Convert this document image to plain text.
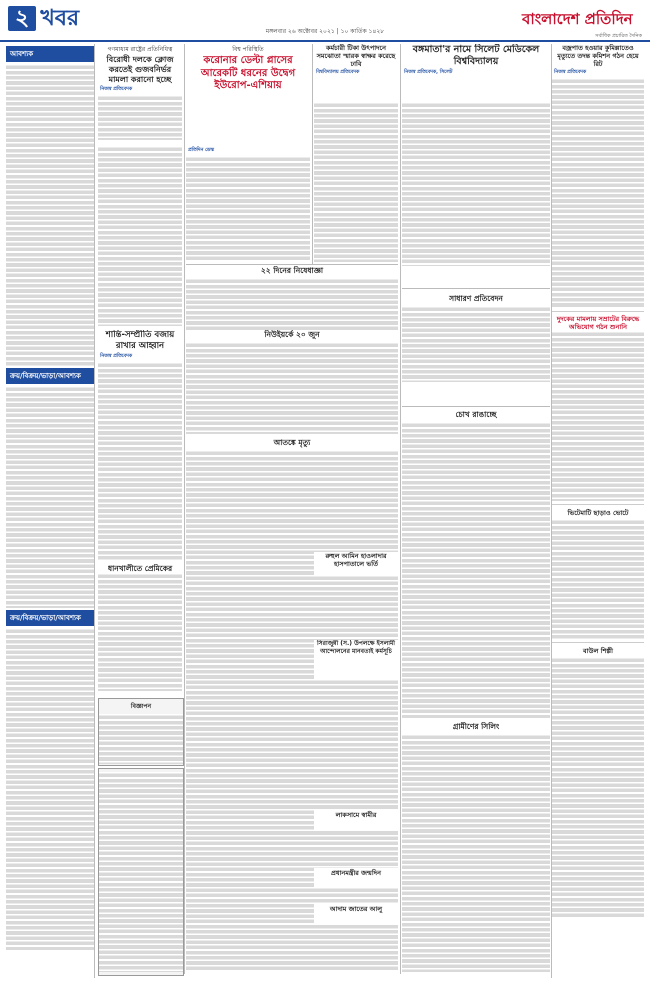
২ খবর
মঙ্গলবার ২৬ অক্টোবর ২০২১ | ১০ কার্তিক ১৪২৮
বাংলাদেশ প্রতিদিন
সর্বাধিক প্রচারিত দৈনিক
আবশ্যক
ক্রয়/বিক্রয়/ভাড়া/আবশ্যক
ক্রয়/বিক্রয়/ভাড়া/আবশ্যক
গণমাধ্যম রাষ্ট্রের প্রতিনিধিত্ব
বিরোধী দলকে ক্লোজ করতেই গুজবনির্ভর মামলা করানো হচ্ছে
নিজস্ব প্রতিবেদক
শান্তি-সম্প্রীতি বজায় রাখার আহ্বান
নিজস্ব প্রতিবেদক
ধানখালীতে প্রেমিকের
বিজ্ঞাপন
বিশ্ব পরিস্থিতি
করোনার ডেল্টা প্লাসের আরেকটি ধরনের উদ্বেগ ইউরোপ-এশিয়ায়
প্রতিদিন ডেস্ক
২২ দিনের নিষেধাজ্ঞা
নিউইয়র্কে ২০ জুন
আতঙ্কে মৃত্যু
কর্মচারী টিকা উৎপাদনে সমঝোতা স্মারক স্বাক্ষর করেছে ঢাবি
বিশ্ববিদ্যালয় প্রতিবেদক
রুহুল আমিন হাওলাদার হাসপাতালে ভর্তি
সিরাজুন্নী (স.) উপলক্ষে ইসলামী আন্দোলনের মানবতাই কর্মসূচি
লাকসামে স্বামীর
প্রধানমন্ত্রীর জন্মদিন
আদাম জাতের আলু
বঙ্গমাতা'র নামে সিলেট মেডিকেল বিশ্ববিদ্যালয়
নিজস্ব প্রতিবেদক, সিলেট
সাধারণ প্রতিবেদন
চোখ রাঙাচ্ছে
গ্রামীণের সিলিং
বজ্রপাত হওয়ার কুমিল্লাতেও মৃত্যুতে তদন্ত কমিশন গঠন হেয়ে রিট
নিজস্ব প্রতিবেদক
দুদকের মামলায় সম্রাটের বিরুদ্ধে অভিযোগ গঠন শুনানি
ভিটেমাটি ছাড়াও ভোটে
বাউল শিল্পী
